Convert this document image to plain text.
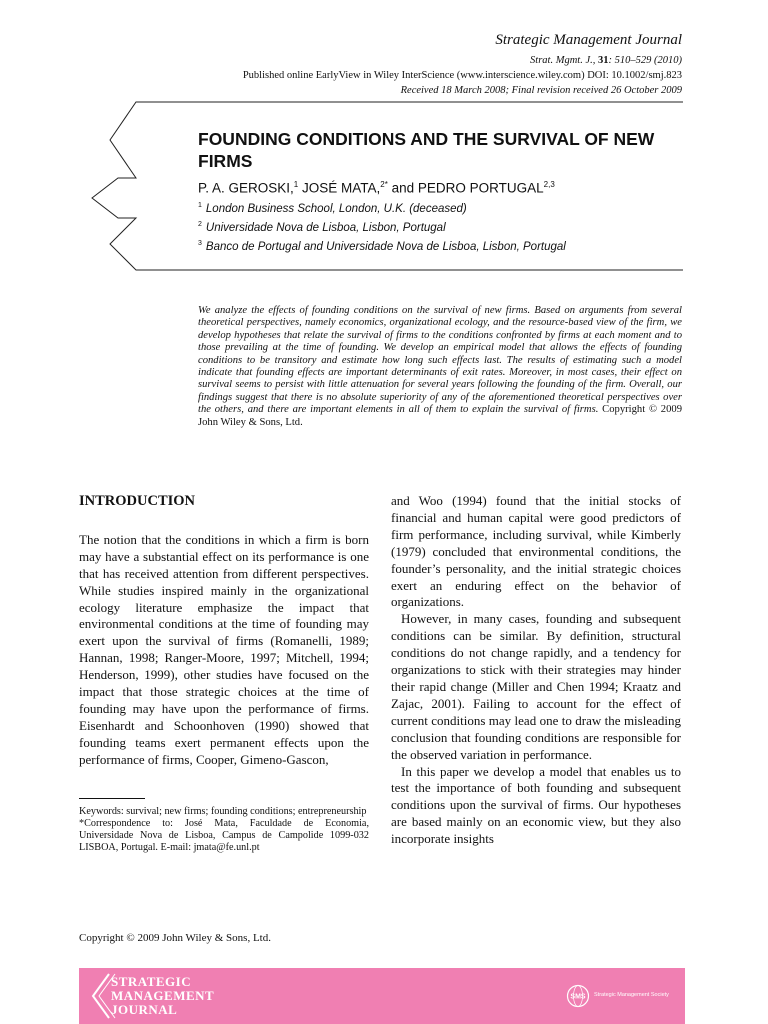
Strategic Management Journal
Strat. Mgmt. J., 31: 510–529 (2010)
Published online EarlyView in Wiley InterScience (www.interscience.wiley.com) DOI: 10.1002/smj.823
Received 18 March 2008; Final revision received 26 October 2009
FOUNDING CONDITIONS AND THE SURVIVAL OF NEW FIRMS
P. A. GEROSKI,$^1$ JOSÉ MATA,$^{2*}$ and PEDRO PORTUGAL$^{2,3}$
$^1$ London Business School, London, U.K. (deceased)
$^2$ Universidade Nova de Lisboa, Lisbon, Portugal
$^3$ Banco de Portugal and Universidade Nova de Lisboa, Lisbon, Portugal
We analyze the effects of founding conditions on the survival of new firms. Based on arguments from several theoretical perspectives, namely economics, organizational ecology, and the resource-based view of the firm, we develop hypotheses that relate the survival of firms to the conditions confronted by firms at each moment and to those prevailing at the time of founding. We develop an empirical model that allows the effects of founding conditions to be transitory and estimate how long such effects last. The results of estimating such a model indicate that founding effects are important determinants of exit rates. Moreover, in most cases, their effect on survival seems to persist with little attenuation for several years following the founding of the firm. Overall, our findings suggest that there is no absolute superiority of any of the aforementioned theoretical perspectives over the others, and there are important elements in all of them to explain the survival of firms. Copyright © 2009 John Wiley & Sons, Ltd.
INTRODUCTION

The notion that the conditions in which a firm is born may have a substantial effect on its performance is one that has received attention from different perspectives. While studies inspired mainly in the organizational ecology literature emphasize the impact that environmental conditions at the time of founding may exert upon the survival of firms (Romanelli, 1989; Hannan, 1998; Ranger-Moore, 1997; Mitchell, 1994; Henderson, 1999), other studies have focused on the impact that those strategic choices at the time of founding may have upon the performance of firms. Eisenhardt and Schoonhoven (1990) showed that founding teams exert permanent effects upon the performance of firms, Cooper, Gimeno-Gascon,

and Woo (1994) found that the initial stocks of financial and human capital were good predictors of firm performance, including survival, while Kimberly (1979) concluded that environmental conditions, the founder’s personality, and the initial strategic choices exert an enduring effect on the behavior of organizations.

However, in many cases, founding and subsequent conditions can be similar. By definition, structural conditions do not change rapidly, and a tendency for organizations to stick with their strategies may hinder their rapid change (Miller and Chen 1994; Kraatz and Zajac, 2001). Failing to account for the effect of current conditions may lead one to draw the misleading conclusion that founding conditions are responsible for the observed variation in performance.

In this paper we develop a model that enables us to test the importance of both founding and subsequent conditions upon the survival of firms. Our hypotheses are based mainly on an economic view, but they also incorporate insights

Keywords: survival; new firms; founding conditions; entrepreneurship

*Correspondence to: José Mata, Faculdade de Economia, Universidade Nova de Lisboa, Campus de Campolide 1099-032 LISBOA, Portugal. E-mail: jmata@fe.unl.pt

Copyright © 2009 John Wiley & Sons, Ltd.
STRATEGIC
MANAGEMENT
JOURNAL
SMS Strategic Management Society
